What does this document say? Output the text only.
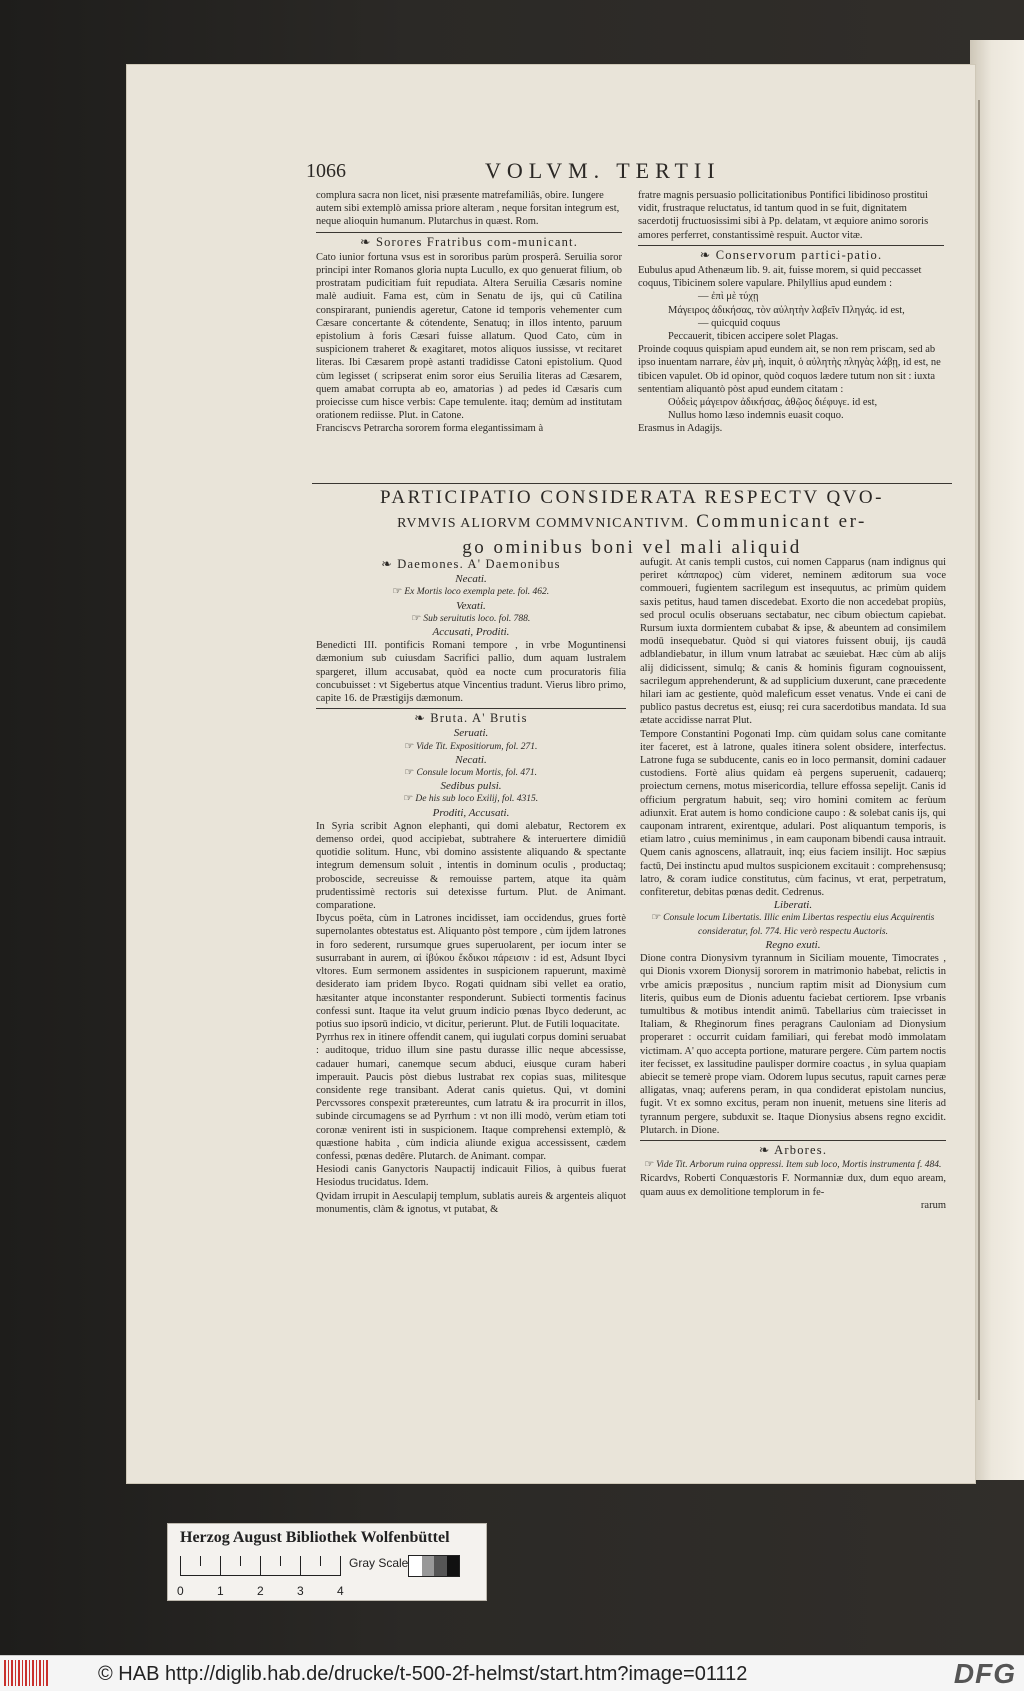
1066	VOLVM. TERTII

complura sacra non licet, nisi præsente matrefamiliâs, obire. Iungere autem sibi extemplò amissa priore alteram , neque forsitan integrum est, neque alioquin humanum. Plutarchus in quæst. Rom.

❧ Sorores Fratribus com-municant.

Cato iunior fortuna vsus est in sororibus parùm prosperâ. Seruilia soror principi inter Romanos gloria nupta Lucullo, ex quo genuerat filium, ob prostratam pudicitiam fuit repudiata. Altera Seruilia Cæsaris nomine malè audiuit. Fama est, cùm in Senatu de ijs, qui cū Catilina conspirarant, puniendis ageretur, Catone id temporis vehementer cum Cæsare concertante & cótendente, Senatuq; in illos intento, paruum epistolium à foris Cæsari fuisse allatum. Quod Cato, cùm in suspicionem traheret & exagitaret, motos aliquos iussisse, vt recitaret literas. Ibi Cæsarem propè astanti tradidisse Catoni epistolium. Quod cùm legisset ( scripserat enim soror eius Seruilia literas ad Cæsarem, quem amabat corrupta ab eo, amatorias ) ad pedes id Cæsaris cum proiecisse cum hisce verbis: Cape temulente. itaq; demùm ad institutam orationem rediisse. Plut. in Catone.

Franciscvs Petrarcha sororem forma elegantissimam à

fratre magnis persuasio pollicitationibus Pontifici libidinoso prostitui vidit, frustraque reluctatus, id tantum quod in se fuit, dignitatem sacerdotij fructuosissimi sibi à Pp. delatam, vt æquiore animo sororis amores perferret, constantissimè respuit. Auctor vitæ.

❧ Conservorum partici-patio.

Eubulus apud Athenæum lib. 9. ait, fuisse morem, si quid peccasset coquus, Tibicinem solere vapulare. Philyllius apud eundem :

— ἐπὶ μὲ τύχῃ

Μάγειρος ἀδικήσας, τὸν αὐλητὴν λαβεῖν Πληγάς. id est,

— quicquid coquus

Peccauerit, tibicen accipere solet Plagas.

Proinde coquus quispiam apud eundem ait, se non rem priscam, sed ab ipso inuentam narrare, ἐὰν μὴ, inquit, ὁ αὐλητὴς πληγὰς λάβῃ, id est, ne tibicen vapulet. Ob id opinor, quòd coquos lædere tutum non sit : iuxta sententiam aliquantò pòst apud eundem citatam :

Οὐδεὶς μάγειρον ἀδικήσας, ἀθῷος διέφυγε. id est,

Nullus homo læso indemnis euasit coquo.

Erasmus in Adagijs.

PARTICIPATIO CONSIDERATA RESPECTV QVO-
RVMVIS ALIORVM COMMVNICANTIVM. Communicant er-
go ominibus boni vel mali aliquid
❧ Daemones. A' Daemonibus
Necati.
☞ Ex Mortis loco exempla pete. fol. 462.
Vexati.
☞ Sub seruitutis loco. fol. 788.
Accusati, Proditi.

Benedicti III. pontificis Romani tempore , in vrbe Moguntinensi dæmonium sub cuiusdam Sacrifici pallio, dum aquam lustralem spargeret, illum accusabat, quòd ea nocte cum procuratoris filia concubuisset : vt Sigebertus atque Vincentius tradunt. Vierus libro primo, capite 16. de Præstigijs dæmonum.

❧ Bruta. A' Brutis
Seruati.
☞ Vide Tit. Expositiorum, fol. 271.
Necati.
☞ Consule locum Mortis, fol. 471.
Sedibus pulsi.
☞ De his sub loco Exilij, fol. 4315.
Proditi, Accusati.

In Syria scribit Agnon elephanti, qui domi alebatur, Rectorem ex demenso ordei, quod accipiebat, subtrahere & interuertere dimidiū quotidie solitum. Hunc, vbi domino assistente aliquando & spectante integrum demensum soluit , intentis in dominum oculis , productaq; proboscide, secreuisse & remouisse partem, atque ita quàm prudentissimè rectoris sui detexisse furtum. Plut. de Animant. comparatione.

Ibycus poëta, cùm in Latrones incidisset, iam occidendus, grues fortè supernolantes obtestatus est. Aliquanto pòst tempore , cùm ijdem latrones in foro sederent, rursumque grues superuolarent, per iocum inter se susurrabant in aurem, αἱ ἰβύκου ἔκδικοι πάρεισιν : id est, Adsunt Ibyci vltores. Eum sermonem assidentes in suspicionem rapuerunt, maximè desiderato iam pridem Ibyco. Rogati quidnam sibi vellet ea oratio, hæsitanter atque inconstanter responderunt. Subiecti tormentis facinus confessi sunt. Itaque ita velut gruum indicio pœnas Ibyco dederunt, ac potius suo ipsorū indicio, vt dicitur, perierunt. Plut. de Futili loquacitate.

Pyrrhus rex in itinere offendit canem, qui iugulati corpus domini seruabat : auditoque, triduo illum sine pastu durasse illic neque abcessisse, cadauer humari, canemque secum abduci, eiusque curam haberi imperauit. Paucis pòst diebus lustrabat rex copias suas, militesque considente rege transibant. Aderat canis quietus. Qui, vt domini Percvssores conspexit prætereuntes, cum latratu & ira procurrit in illos, subinde circumagens se ad Pyrrhum : vt non illi modò, verùm etiam toti coronæ venirent isti in suspicionem. Itaque comprehensi extemplò, & quæstione habita , cùm indicia aliunde exigua accessissent, cædem confessi, pœnas dedêre. Plutarch. de Animant. compar.

Hesiodi canis Ganyctoris Naupactij indicauit Filios, à quibus fuerat Hesiodus trucidatus. Idem.

Qvidam irrupit in Aesculapij templum, sublatis aureis & argenteis aliquot monumentis, clàm & ignotus, vt putabat, &

aufugit. At canis templi custos, cui nomen Capparus (nam indignus qui periret κάππαρος) cùm videret, neminem æditorum sua voce commoueri, fugientem sacrilegum est insequutus, ac primùm quidem saxis petitus, haud tamen discedebat. Exorto die non accedebat propiùs, sed procul oculis obseruans sectabatur, nec cibum obiectum capiebat. Rursum iuxta dormientem cubabat & ipse, & abeuntem ad consimilem modū insequebatur. Quòd si qui viatores fuissent obuij, ijs caudâ adblandiebatur, in illum vnum latrabat ac sæuiebat. Hæc cùm ab alijs alij didicissent, simulq; & canis & hominis figuram cognouissent, sacrilegum apprehenderunt, & ad supplicium duxerunt, cane præcedente hilari iam ac gestiente, quòd maleficum esset venatus. Vnde ei cani de publico pastus decretus est, eiusq; rei cura sacerdotibus mandata. Id sua ætate accidisse narrat Plut.

Tempore Constantini Pogonati Imp. cùm quidam solus cane comitante iter faceret, est à latrone, quales itinera solent obsidere, interfectus. Latrone fuga se subducente, canis eo in loco permansit, domini cadauer custodiens. Fortè alius quidam eà pergens superuenit, cadauerq; proiectum cernens, motus misericordia, tellure effossa sepelijt. Canis id officium pergratum habuit, seq; viro homini comitem ac ferùum adiunxit. Erat autem is homo condicione caupo : & solebat canis ijs, qui cauponam intrarent, exirentque, adulari. Post aliquantum temporis, is etiam latro , cuius meminimus , in eam cauponam bibendi causa intrauit. Quem canis agnoscens, allatrauit, inq; eius faciem insilijt. Hoc sæpius factū, Dei instinctu apud multos suspicionem excitauit : comprehensusq; latro, & coram iudice constitutus, cùm facinus, vt erat, perpetratum, confiteretur, debitas pœnas dedit. Cedrenus.

Liberati.
☞ Consule locum Libertatis. Illic enim Libertas respectiu eius Acquirentis consideratur, fol. 774. Hic verò respectu Auctoris.
Regno exuti.

Dione contra Dionysivm tyrannum in Siciliam mouente, Timocrates , qui Dionis vxorem Dionysij sororem in matrimonio habebat, relictis in vrbe amicis præpositus , nuncium raptim misit ad Dionysium cum literis, quibus eum de Dionis aduentu faciebat certiorem. Ipse vrbanis tumultibus & motibus intendit animū. Tabellarius cùm traiecisset in Italiam, & Rheginorum fines peragrans Cauloniam ad Dionysium properaret : occurrit cuidam familiari, qui ferebat modò immolatam victimam. A' quo accepta portione, maturare pergere. Cùm partem noctis iter fecisset, ex lassitudine paulisper dormire coactus , in sylua quapiam abiecit se temerè prope viam. Odorem lupus secutus, rapuit carnes peræ alligatas, vnaq; auferens peram, in qua condiderat epistolam nuncius, fugit. Vt ex somno excitus, peram non inuenit, metuens sine literis ad tyrannum pergere, subduxit se. Itaque Dionysius absens regno excidit. Plutarch. in Dione.

❧ Arbores.
☞ Vide Tit. Arborum ruina oppressi. Item sub loco, Mortis instrumenta f. 484.

Ricardvs, Roberti Conquæstoris F. Normanniæ dux, dum equo aream, quam auus ex demolitione templorum in fe-

rarum

Herzog August Bibliothek Wolfenbüttel
0	1	2	3	4
Gray Scale
© HAB http://diglib.hab.de/drucke/t-500-2f-helmst/start.htm?image=01112	DFG
